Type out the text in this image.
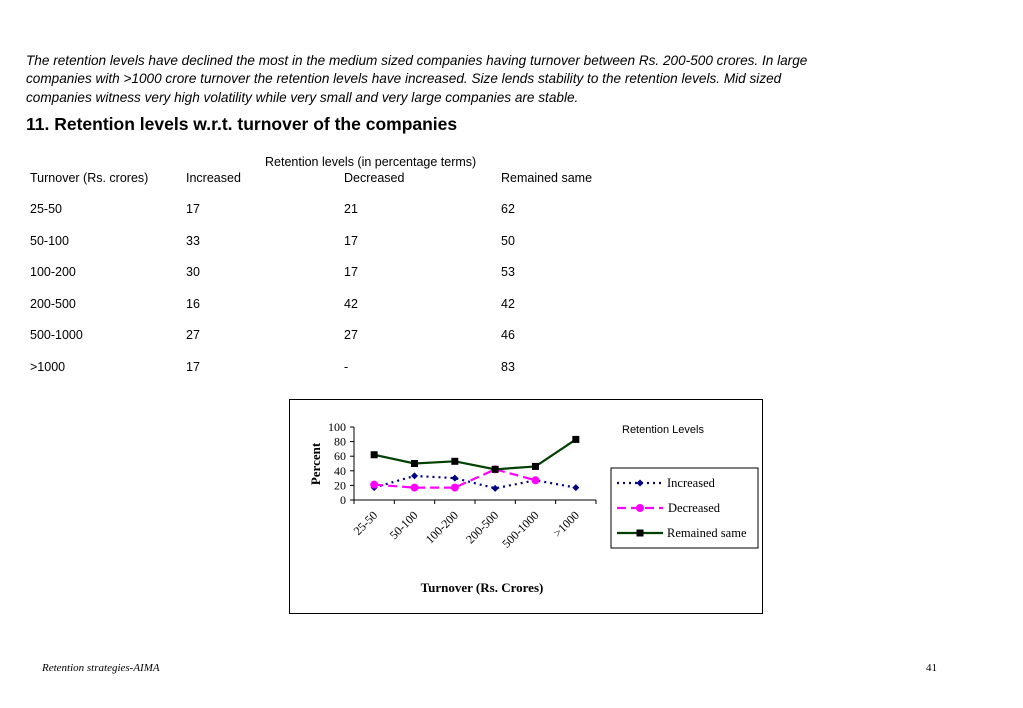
The retention levels have declined the most in the medium sized companies having turnover between Rs. 200-500 crores. In large companies with >1000 crore turnover the retention levels have increased. Size lends stability to the retention levels. Mid sized companies witness very high volatility while very small and very large companies are stable.

11. Retention levels w.r.t. turnover of the companies
Retention levels (in percentage terms)
Turnover (Rs. crores)	Increased	Decreased	Remained same
25-50	17	21	62
50-100	33	17	50
100-200	30	17	53
200-500	16	42	42
500-1000	27	27	46
>1000	17	-	83
Percent
Turnover (Rs. Crores)
Retention Levels
0
20
40
60
80
100
25-50 50-100 100-200 200-500
500-1000 >1000
Increased
Decreased
Remained same
Retention strategies-AIMA	41
